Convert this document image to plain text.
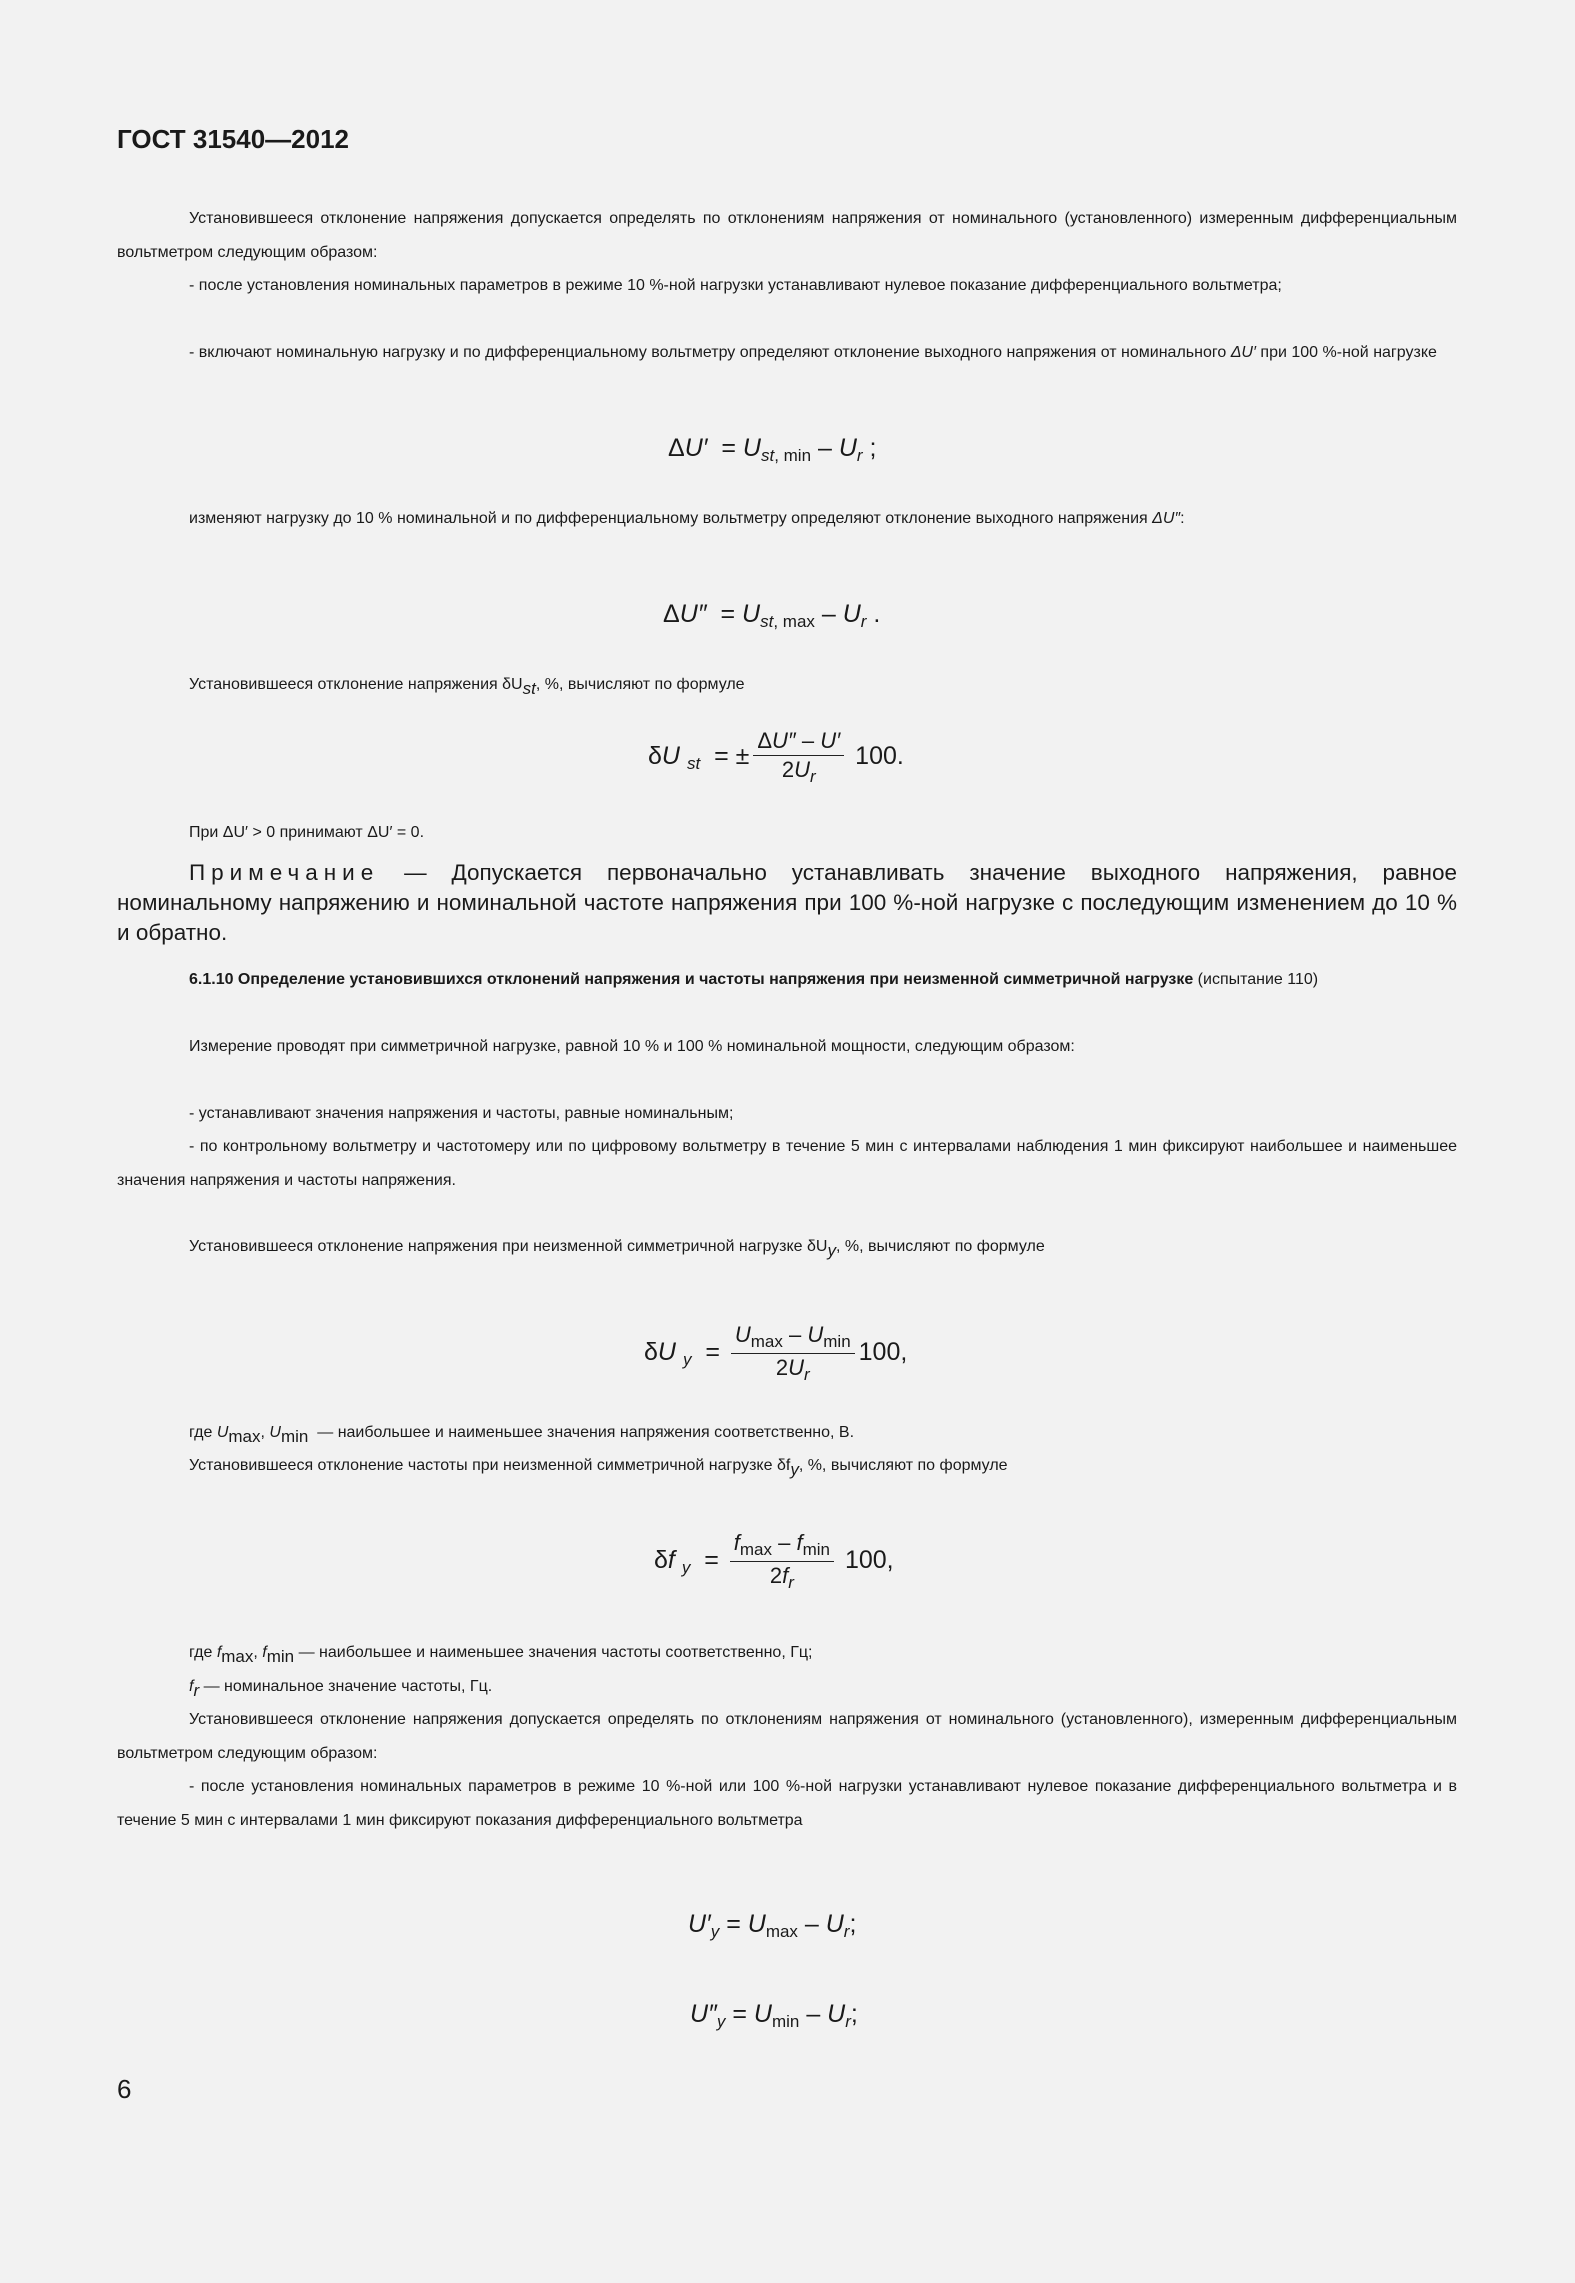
ГОСТ 31540—2012
Установившееся отклонение напряжения допускается определять по отклонениям напряжения от номинального (установленного) измеренным дифференциальным вольтметром следующим образом:
- после установления номинальных параметров в режиме 10 %-ной нагрузки устанавливают нулевое показание дифференциального вольтметра;
- включают номинальную нагрузку и по дифференциальному вольтметру определяют отклонение выходного напряжения от номинального ΔU′ при 100 %-ной нагрузке
$\Delta U' = U_{st, min} - U_r$ ;
изменяют нагрузку до 10 % номинальной и по дифференциальному вольтметру определяют отклонение выходного напряжения ΔU″:
$\Delta U'' = U_{st, max} - U_r$ .
Установившееся отклонение напряжения $\delta U_{st}$, %, вычисляют по формуле
δU $_{st}$  = ± $\frac{\Delta U'' - U'}{2U_r} 100$.
При ΔU′ > 0 принимают ΔU′ = 0.
Примечание — Допускается первоначально устанавливать значение выходного напряжения, равное номинальному напряжению и номинальной частоте напряжения при 100 %-ной нагрузке с последующим изменением до 10 % и обратно.
6.1.10 Определение установившихся отклонений напряжения и частоты напряжения при неизменной симметричной нагрузке (испытание 110)
Измерение проводят при симметричной нагрузке, равной 10 % и 100 % номинальной мощности, следующим образом:
- устанавливают значения напряжения и частоты, равные номинальным;
- по контрольному вольтметру и частотомеру или по цифровому вольтметру в течение 5 мин с интервалами наблюдения 1 мин фиксируют наибольшее и наименьшее значения напряжения и частоты напряжения.
Установившееся отклонение напряжения при неизменной симметричной нагрузке $\delta U_y$, %, вычисляют по формуле
δU $_y = \frac{U_{max} - U_{min}}{2U_r} 100$,
где $U_{max}$, $U_{min}$ — наибольшее и наименьшее значения напряжения соответственно, В.
Установившееся отклонение частоты при неизменной симметричной нагрузке $\delta f_y$, %, вычисляют по формуле
δf $_y = \frac{f_{max} - f_{min}}{2f_r} 100$,
где $f_{max}$, $f_{min}$ — наибольшее и наименьшее значения частоты соответственно, Гц;
$f_r$ — номинальное значение частоты, Гц.
Установившееся отклонение напряжения допускается определять по отклонениям напряжения от номинального (установленного), измеренным дифференциальным вольтметром следующим образом:
- после установления номинальных параметров в режиме 10 %-ной или 100 %-ной нагрузки устанавливают нулевое показание дифференциального вольтметра и в течение 5 мин с интервалами 1 мин фиксируют показания дифференциального вольтметра
$U'_y = U_{max} - U_r$;
$U''_y = U_{min} - U_r$;
6
